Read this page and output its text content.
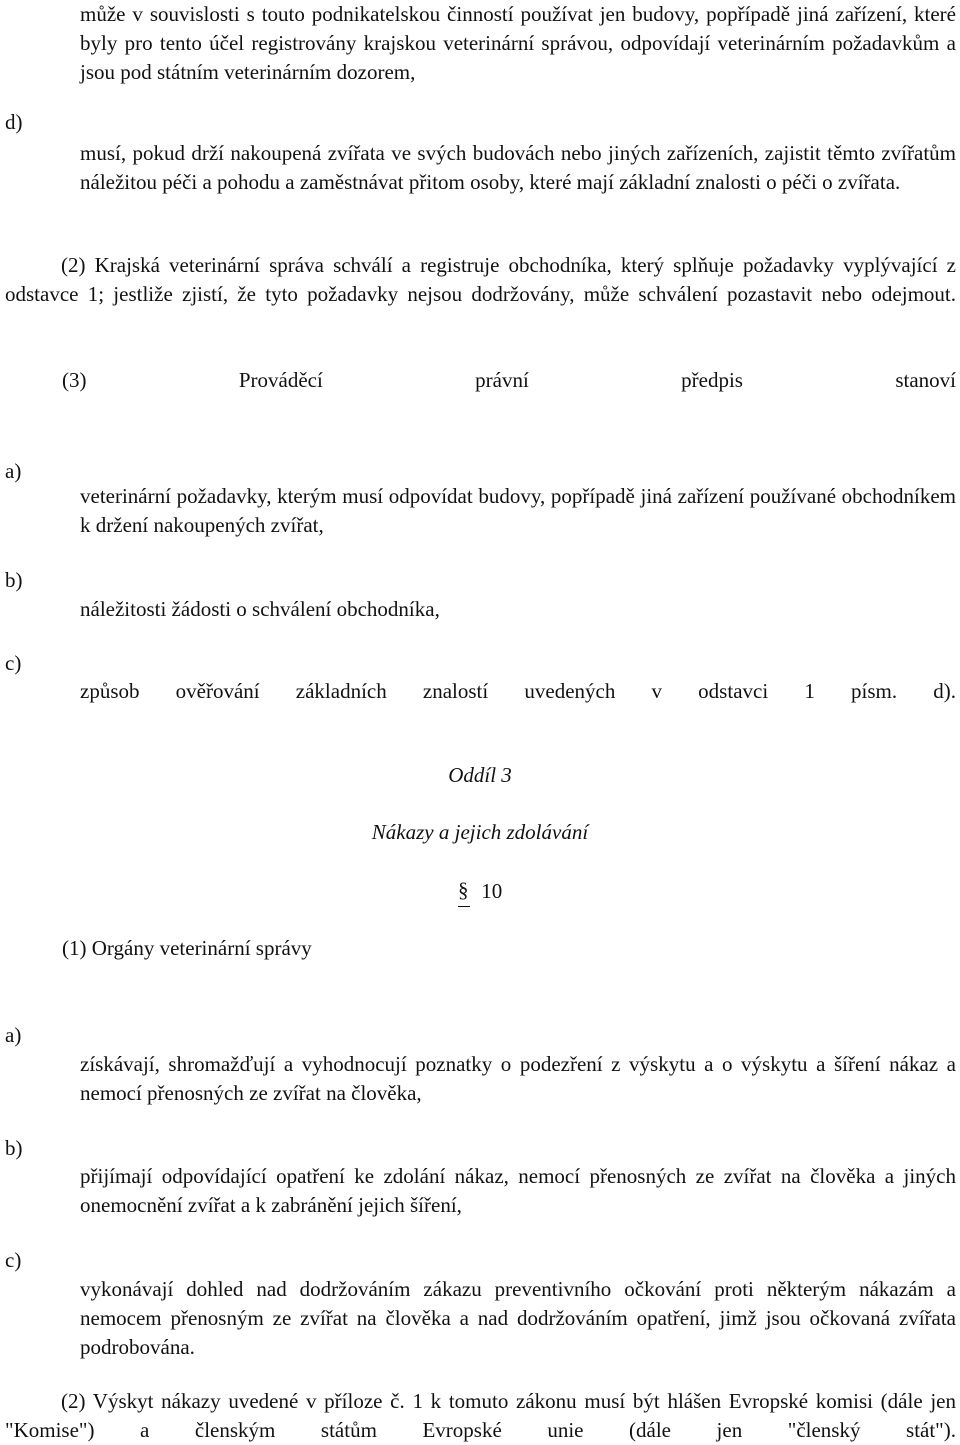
může v souvislosti s touto podnikatelskou činností používat jen budovy, popřípadě jiná zařízení, které byly pro tento účel registrovány krajskou veterinární správou, odpovídají veterinárním požadavkům a jsou pod státním veterinárním dozorem,

d)

musí, pokud drží nakoupená zvířata ve svých budovách nebo jiných zařízeních, zajistit těmto zvířatům náležitou péči a pohodu a zaměstnávat přitom osoby, které mají základní znalosti o péči o zvířata.

(2) Krajská veterinární správa schválí a registruje obchodníka, který splňuje požadavky vyplývající z odstavce 1; jestliže zjistí, že tyto požadavky nejsou dodržovány, může schválení pozastavit nebo odejmout.

(3) Prováděcí právní předpis stanoví

a)

veterinární požadavky, kterým musí odpovídat budovy, popřípadě jiná zařízení používané obchodníkem k držení nakoupených zvířat,

b)

náležitosti žádosti o schválení obchodníka,

c)

způsob ověřování základních znalostí uvedených v odstavci 1 písm. d).

Oddíl 3

Nákazy a jejich zdolávání

§ 10

(1) Orgány veterinární správy

a)

získávají, shromažďují a vyhodnocují poznatky o podezření z výskytu a o výskytu a šíření nákaz a nemocí přenosných ze zvířat na člověka,

b)

přijímají odpovídající opatření ke zdolání nákaz, nemocí přenosných ze zvířat na člověka a jiných onemocnění zvířat a k zabránění jejich šíření,

c)

vykonávají dohled nad dodržováním zákazu preventivního očkování proti některým nákazám a nemocem přenosným ze zvířat na člověka a nad dodržováním opatření, jimž jsou očkovaná zvířata podrobována.

(2) Výskyt nákazy uvedené v příloze č. 1 k tomuto zákonu musí být hlášen Evropské komisi (dále jen "Komise") a členským státům Evropské unie (dále jen "členský stát").
